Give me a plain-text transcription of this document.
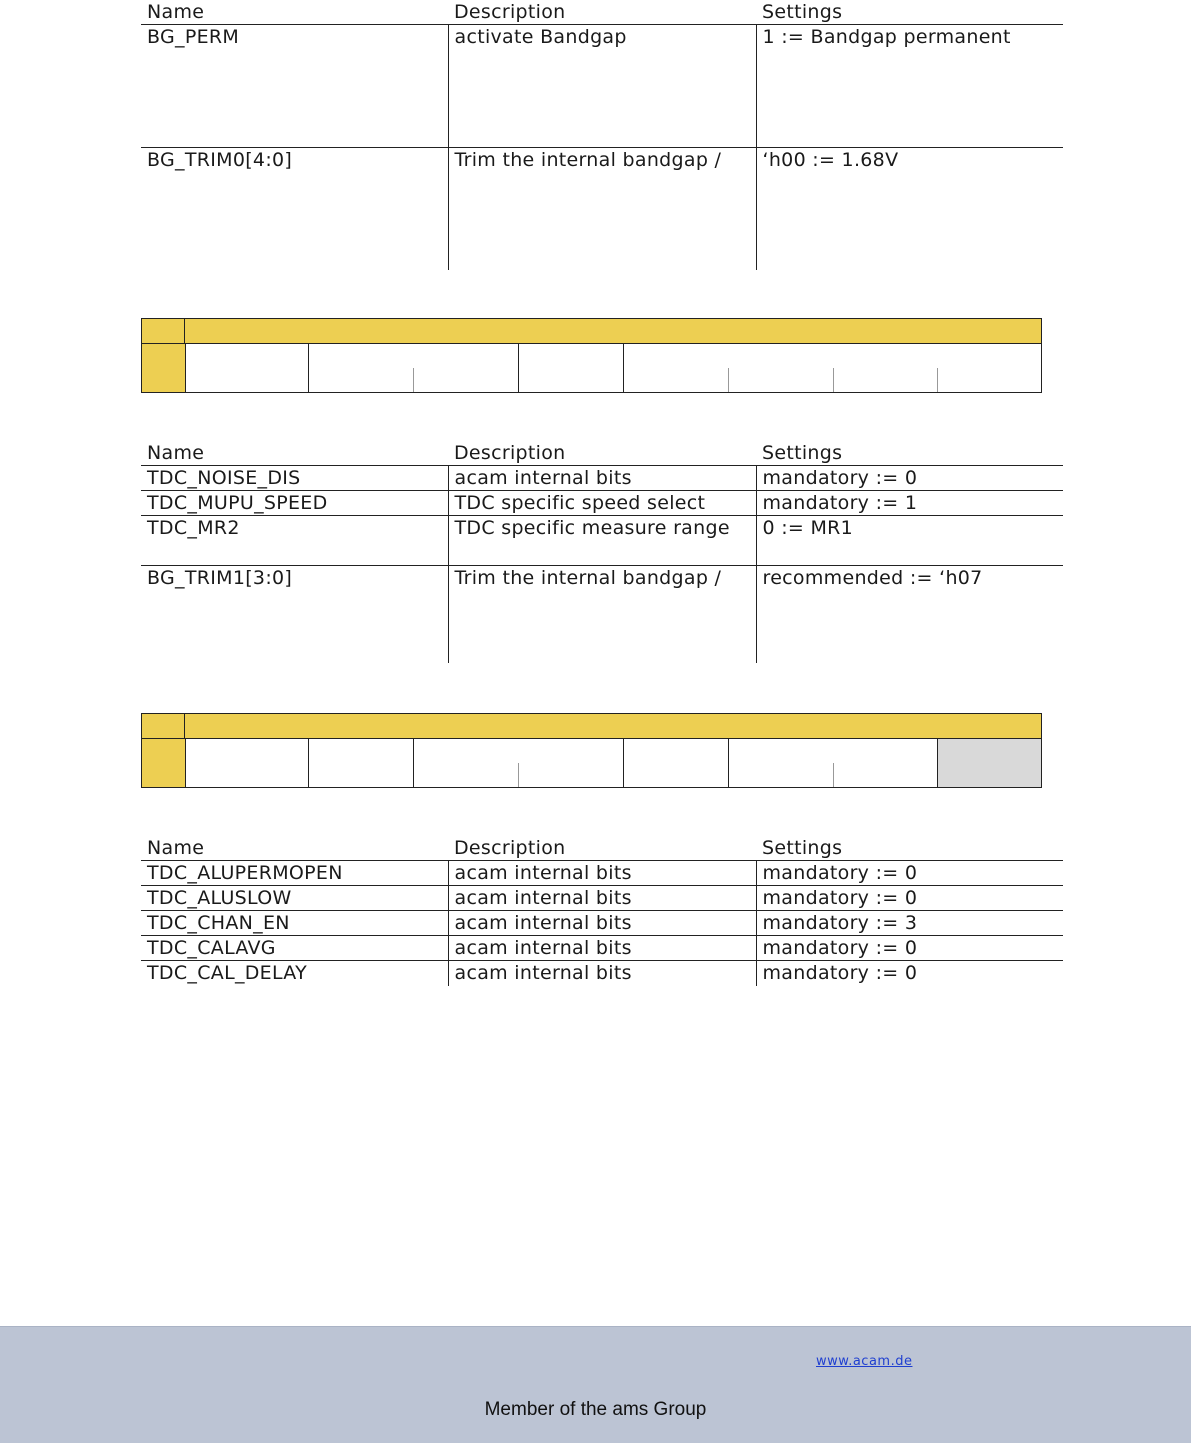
Name	Description	Settings
BG_PERM	activate Bandgap	1 := Bandgap permanent
BG_TRIM0[4:0]	Trim the internal bandgap /	‘h00 := 1.68V
Name	Description	Settings
TDC_NOISE_DIS	acam internal bits	mandatory := 0
TDC_MUPU_SPEED	TDC specific speed select	mandatory := 1
TDC_MR2	TDC specific measure range	0 := MR1
BG_TRIM1[3:0]	Trim the internal bandgap /	recommended := ‘h07
Name	Description	Settings
TDC_ALUPERMOPEN	acam internal bits	mandatory := 0
TDC_ALUSLOW	acam internal bits	mandatory := 0
TDC_CHAN_EN	acam internal bits	mandatory := 3
TDC_CALAVG	acam internal bits	mandatory := 0
TDC_CAL_DELAY	acam internal bits	mandatory := 0
www.acam.de
Member of the ams Group
